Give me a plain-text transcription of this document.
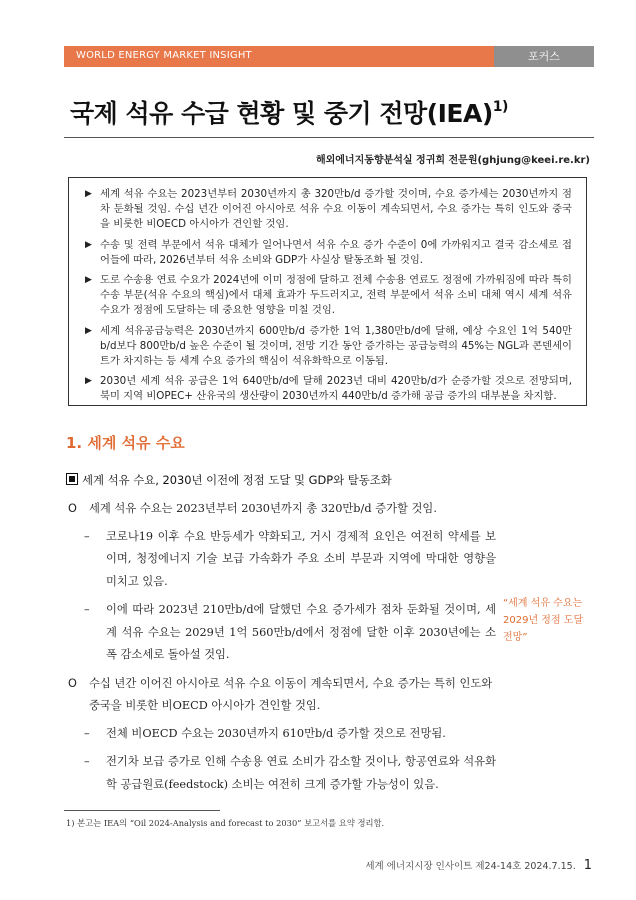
WORLD ENERGY MARKET INSIGHT	포커스
국제 석유 수급 현황 및 중기 전망(IEA)$^{1)}$
해외에너지동향분석실 정귀희 전문원(ghjung@keei.re.kr)
▶ 세계 석유 수요는 2023년부터 2030년까지 총 320만b/d 증가할 것이며, 수요 증가세는 2030년까지 점차 둔화될 것임. 수십 년간 이어진 아시아로 석유 수요 이동이 계속되면서, 수요 증가는 특히 인도와 중국을 비롯한 비OECD 아시아가 견인할 것임.
▶ 수송 및 전력 부문에서 석유 대체가 일어나면서 석유 수요 증가 수준이 0에 가까워지고 결국 감소세로 접어들에 따라, 2026년부터 석유 소비와 GDP가 사실상 탈동조화 될 것임.
▶ 도로 수송용 연료 수요가 2024년에 이미 정점에 달하고 전체 수송용 연료도 정점에 가까워짐에 따라 특히 수송 부문(석유 수요의 핵심)에서 대체 효과가 두드러지고, 전력 부문에서 석유 소비 대체 역시 세계 석유 수요가 정점에 도달하는 데 중요한 영향을 미칠 것임.
▶ 세계 석유공급능력은 2030년까지 600만b/d 증가한 1억 1,380만b/d에 달해, 예상 수요인 1억 540만b/d보다 800만b/d 높은 수준이 될 것이며, 전망 기간 동안 증가하는 공급능력의 45%는 NGL과 콘덴세이트가 차지하는 등 세계 수요 증가의 핵심이 석유화학으로 이동됨.
▶ 2030년 세계 석유 공급은 1억 640만b/d에 달해 2023년 대비 420만b/d가 순증가할 것으로 전망되며, 북미 지역 비OPEC+ 산유국의 생산량이 2030년까지 440만b/d 증가해 공급 증가의 대부분을 차지함.
1. 세계 석유 수요
세계 석유 수요, 2030년 이전에 정점 도달 및 GDP와 탈동조화
O	세계 석유 수요는 2023년부터 2030년까지 총 320만b/d 증가할 것임.
–	코로나19 이후 수요 반등세가 약화되고, 거시 경제적 요인은 여전히 약세를 보이며, 청정에너지 기술 보급 가속화가 주요 소비 부문과 지역에 막대한 영향을 미치고 있음.
–	이에 따라 2023년 210만b/d에 달했던 수요 증가세가 점차 둔화될 것이며, 세계 석유 수요는 2029년 1억 560만b/d에서 정점에 달한 이후 2030년에는 소폭 감소세로 돌아설 것임.
O	수십 년간 이어진 아시아로 석유 수요 이동이 계속되면서, 수요 증가는 특히 인도와 중국을 비롯한 비OECD 아시아가 견인할 것임.
–	전체 비OECD 수요는 2030년까지 610만b/d 증가할 것으로 전망됨.
–	전기차 보급 증가로 인해 수송용 연료 소비가 감소할 것이나, 항공연료와 석유화학 공급원료(feedstock) 소비는 여전히 크게 증가할 가능성이 있음.
“세계 석유 수요는 2029년 정점 도달 전망”
1) 본고는 IEA의 “Oil 2024-Analysis and forecast to 2030” 보고서를 요약 정리함.
세계 에너지시장 인사이트 제24-14호 2024.7.15. 1
